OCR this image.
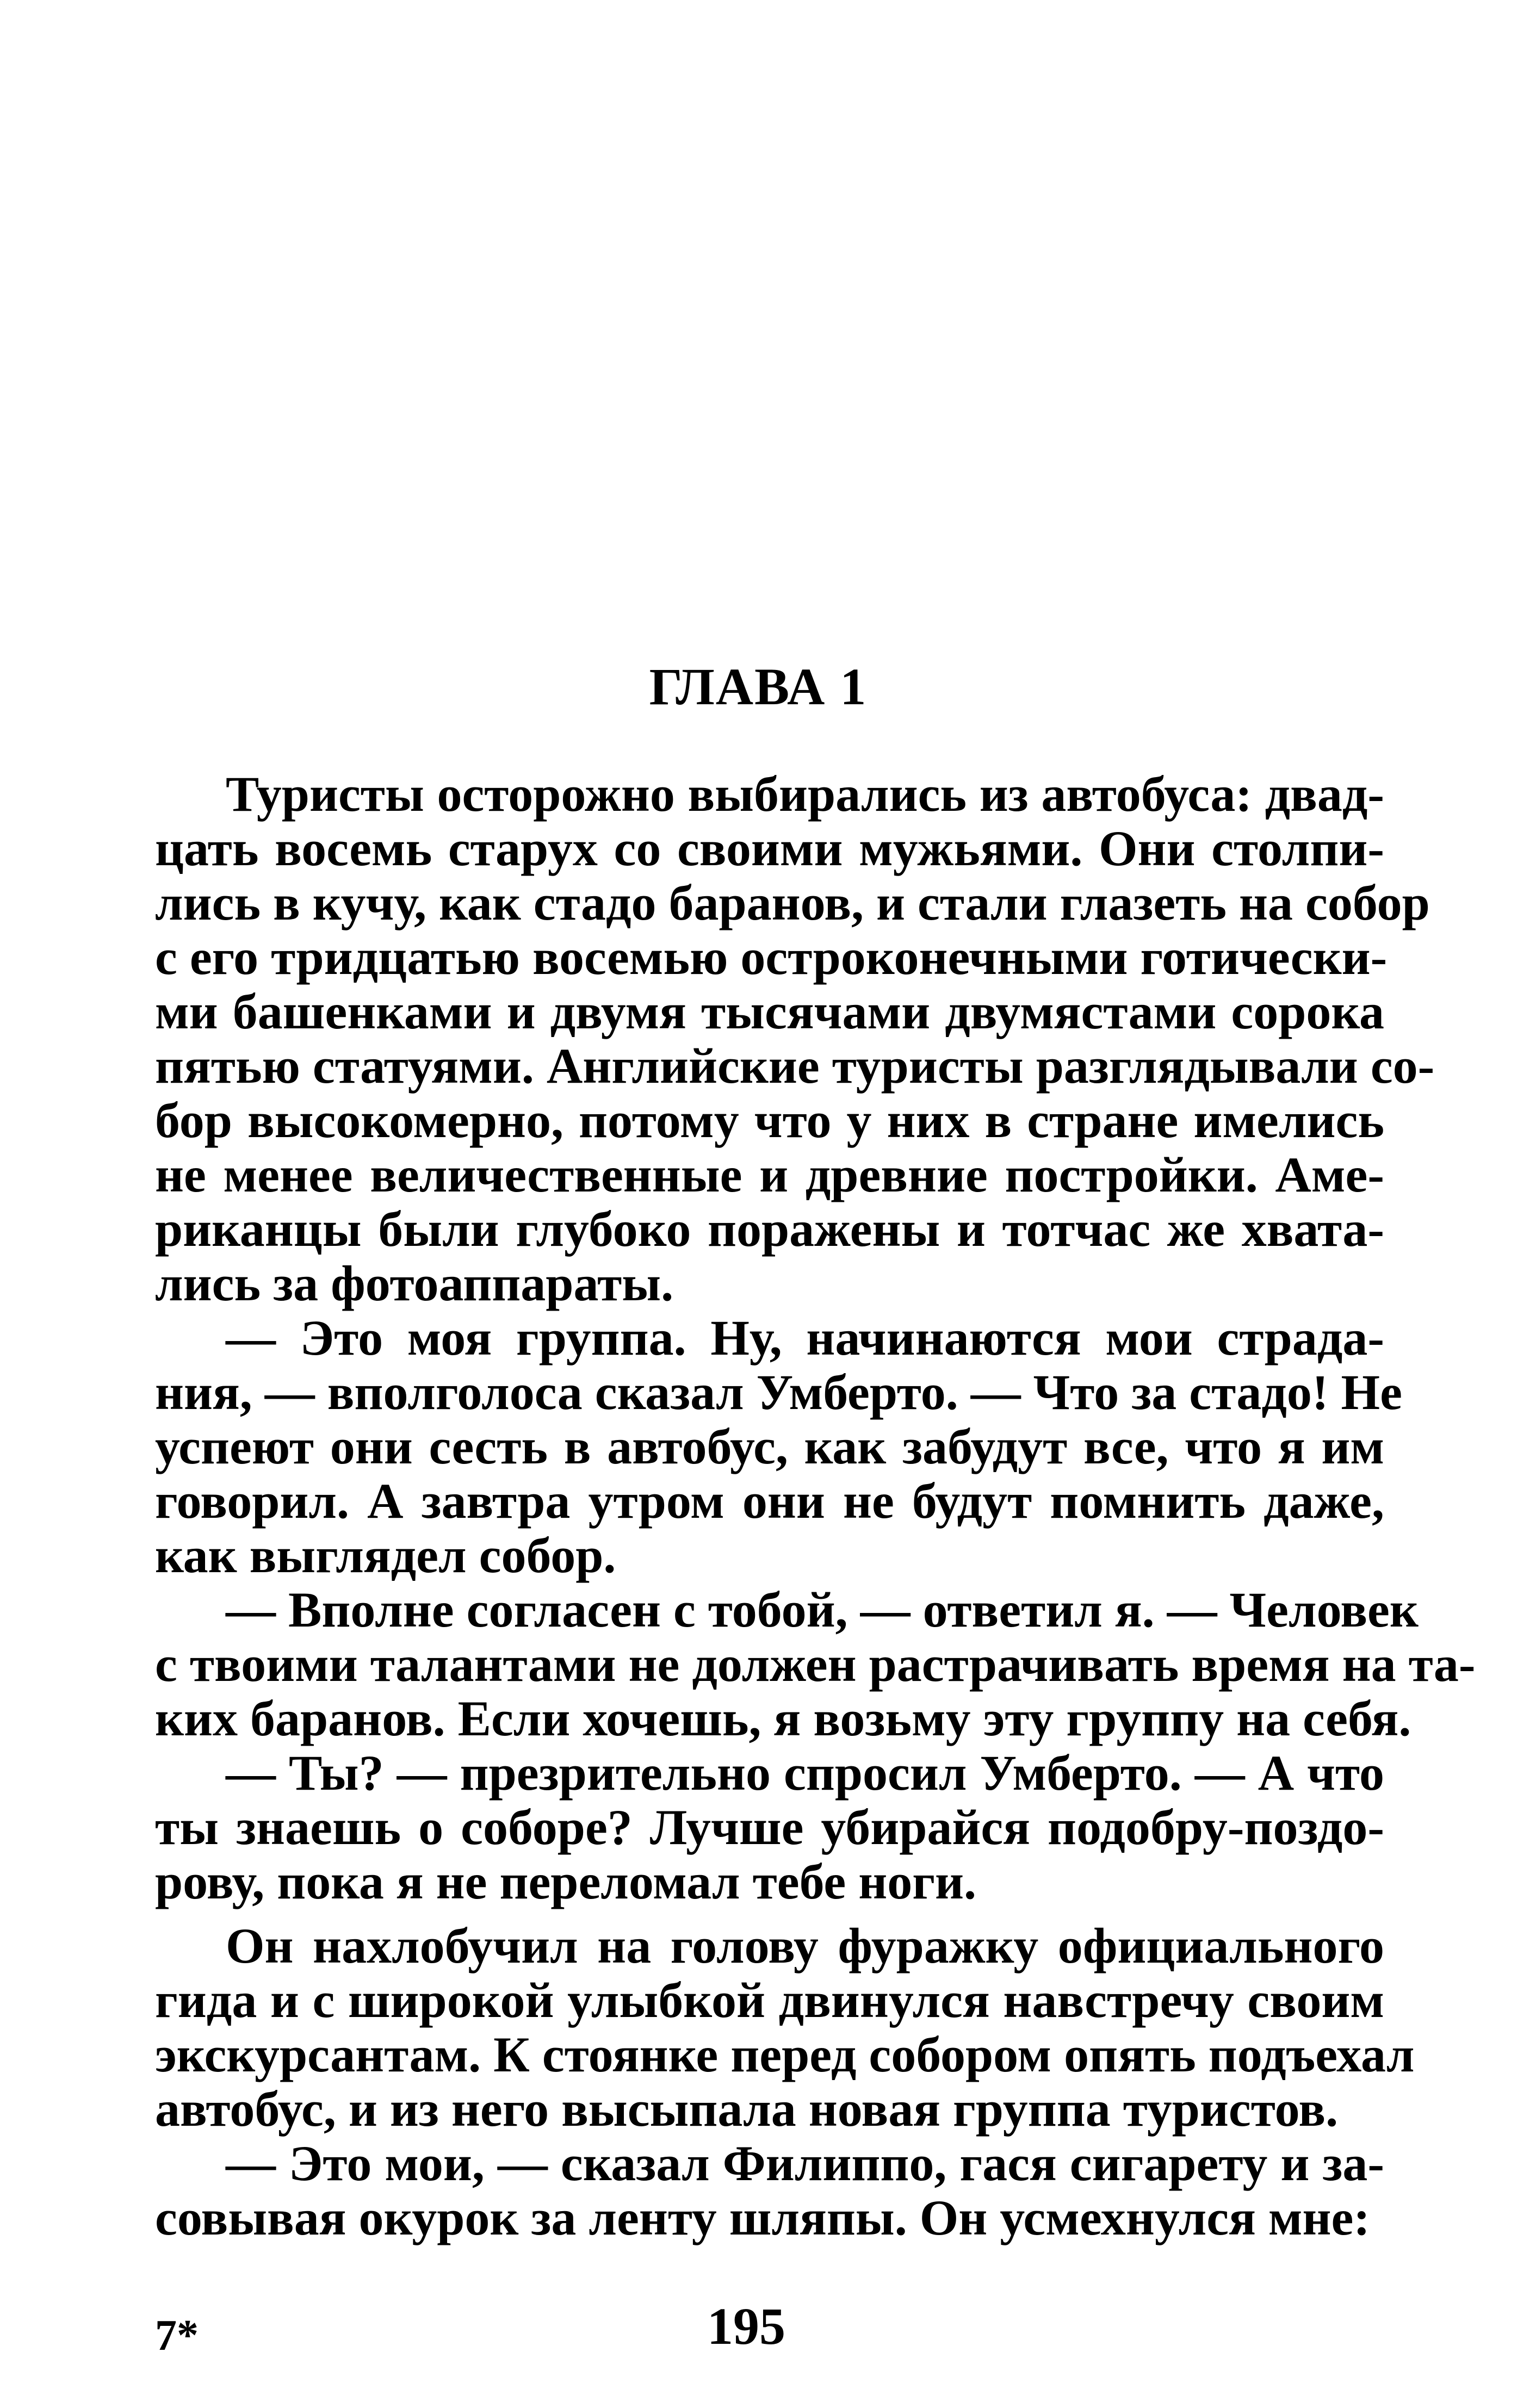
ГЛАВА 1
Туристы осторожно выбирались из автобуса: двад-
цать восемь старух со своими мужьями. Они столпи-
лись в кучу, как стадо баранов, и стали глазеть на собор
с его тридцатью восемью остроконечными готически-
ми башенками и двумя тысячами двумястами сорока
пятью статуями. Английские туристы разглядывали со-
бор высокомерно, потому что у них в стране имелись
не менее величественные и древние постройки. Аме-
риканцы были глубоко поражены и тотчас же хвата-
лись за фотоаппараты.
— Это моя группа. Ну, начинаются мои страда-
ния, — вполголоса сказал Умберто. — Что за стадо! Не
успеют они сесть в автобус, как забудут все, что я им
говорил. А завтра утром они не будут помнить даже,
как выглядел собор.
— Вполне согласен с тобой, — ответил я. — Человек
с твоими талантами не должен растрачивать время на та-
ких баранов. Если хочешь, я возьму эту группу на себя.
— Ты? — презрительно спросил Умберто. — А что
ты знаешь о соборе? Лучше убирайся подобру-поздо-
рову, пока я не переломал тебе ноги.
Он нахлобучил на голову фуражку официального
гида и с широкой улыбкой двинулся навстречу своим
экскурсантам. К стоянке перед собором опять подъехал
автобус, и из него высыпала новая группа туристов.
— Это мои, — сказал Филиппо, гася сигарету и за-
совывая окурок за ленту шляпы. Он усмехнулся мне:
7*	195
